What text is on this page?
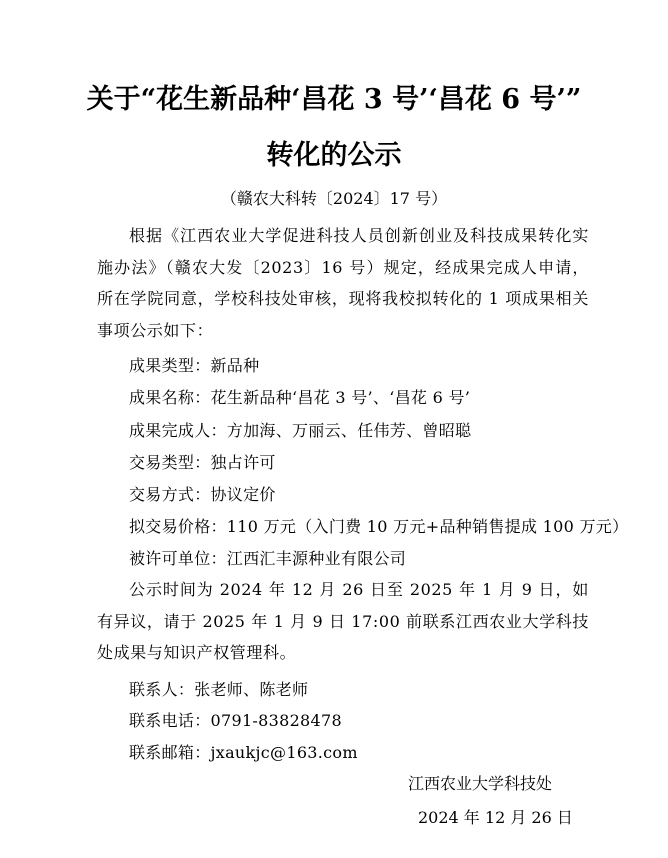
关于“花生新品种‘昌花 3 号’‘昌花 6 号’”
转化的公示
（赣农大科转〔2024〕17 号）
根据《江西农业大学促进科技人员创新创业及科技成果转化实施办法》（赣农大发〔2023〕16 号）规定，经成果完成人申请，所在学院同意，学校科技处审核，现将我校拟转化的 1 项成果相关事项公示如下：
成果类型：新品种
成果名称：花生新品种‘昌花 3 号’、‘昌花 6 号’
成果完成人：方加海、万丽云、任伟芳、曾昭聪
交易类型：独占许可
交易方式：协议定价
拟交易价格：110 万元（入门费 10 万元+品种销售提成 100 万元）
被许可单位：江西汇丰源种业有限公司
公示时间为 2024 年 12 月 26 日至 2025 年 1 月 9 日，如有异议，请于 2025 年 1 月 9 日 17:00 前联系江西农业大学科技处成果与知识产权管理科。
联系人：张老师、陈老师
联系电话：0791-83828478
联系邮箱：jxaukjc@163.com
江西农业大学科技处
2024 年 12 月 26 日
